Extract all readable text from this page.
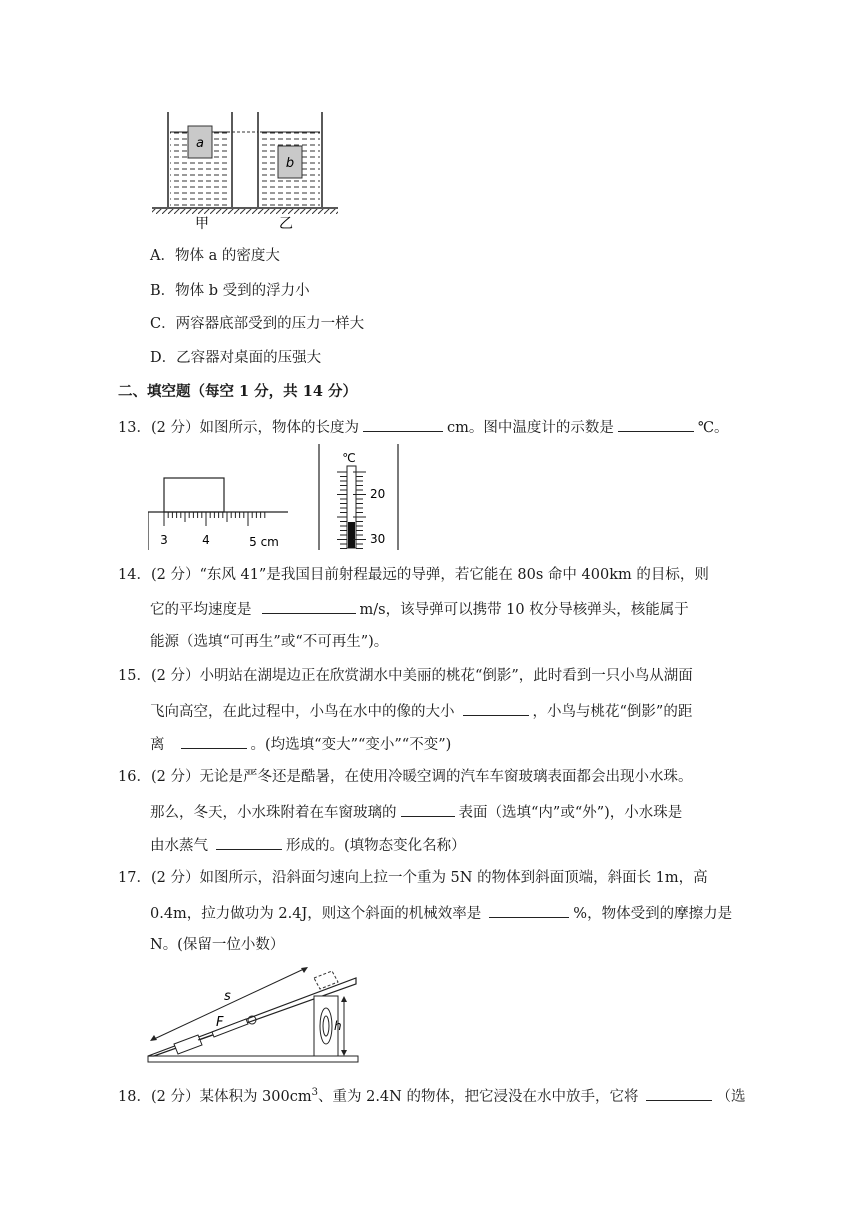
a
b
甲	乙
A．物体 a 的密度大
B．物体 b 受到的浮力小
C．两容器底部受到的压力一样大
D．乙容器对桌面的压强大
二、填空题（每空 1 分，共 14 分）
13．(2 分）如图所示，物体的长度为	cm。图中温度计的示数是	℃。
3	4	5 cm
℃
20
30
14．(2 分）“东风 41”是我国目前射程最远的导弹，若它能在 80s 命中 400km 的目标，则
它的平均速度是	m/s，该导弹可以携带 10 枚分导核弹头，核能属于
能源（选填“可再生”或“不可再生”)。
15．(2 分）小明站在湖堤边正在欣赏湖水中美丽的桃花“倒影”，此时看到一只小鸟从湖面
飞向高空，在此过程中，小鸟在水中的像的大小	，小鸟与桃花“倒影”的距
离	。(均选填“变大”“变小”“不变”)
16．(2 分）无论是严冬还是酷暑，在使用冷暖空调的汽车车窗玻璃表面都会出现小水珠。
那么，冬天，小水珠附着在车窗玻璃的	表面（选填“内”或“外”)，小水珠是
由水蒸气	形成的。(填物态变化名称）
17．(2 分）如图所示，沿斜面匀速向上拉一个重为 5N 的物体到斜面顶端，斜面长 1m，高
0.4m，拉力做功为 2.4J，则这个斜面的机械效率是	%，物体受到的摩擦力是
N。(保留一位小数）
h
F
s
18．(2 分）某体积为 $300cm^3$、重为 2.4N 的物体，把它浸没在水中放手，它将	（选
